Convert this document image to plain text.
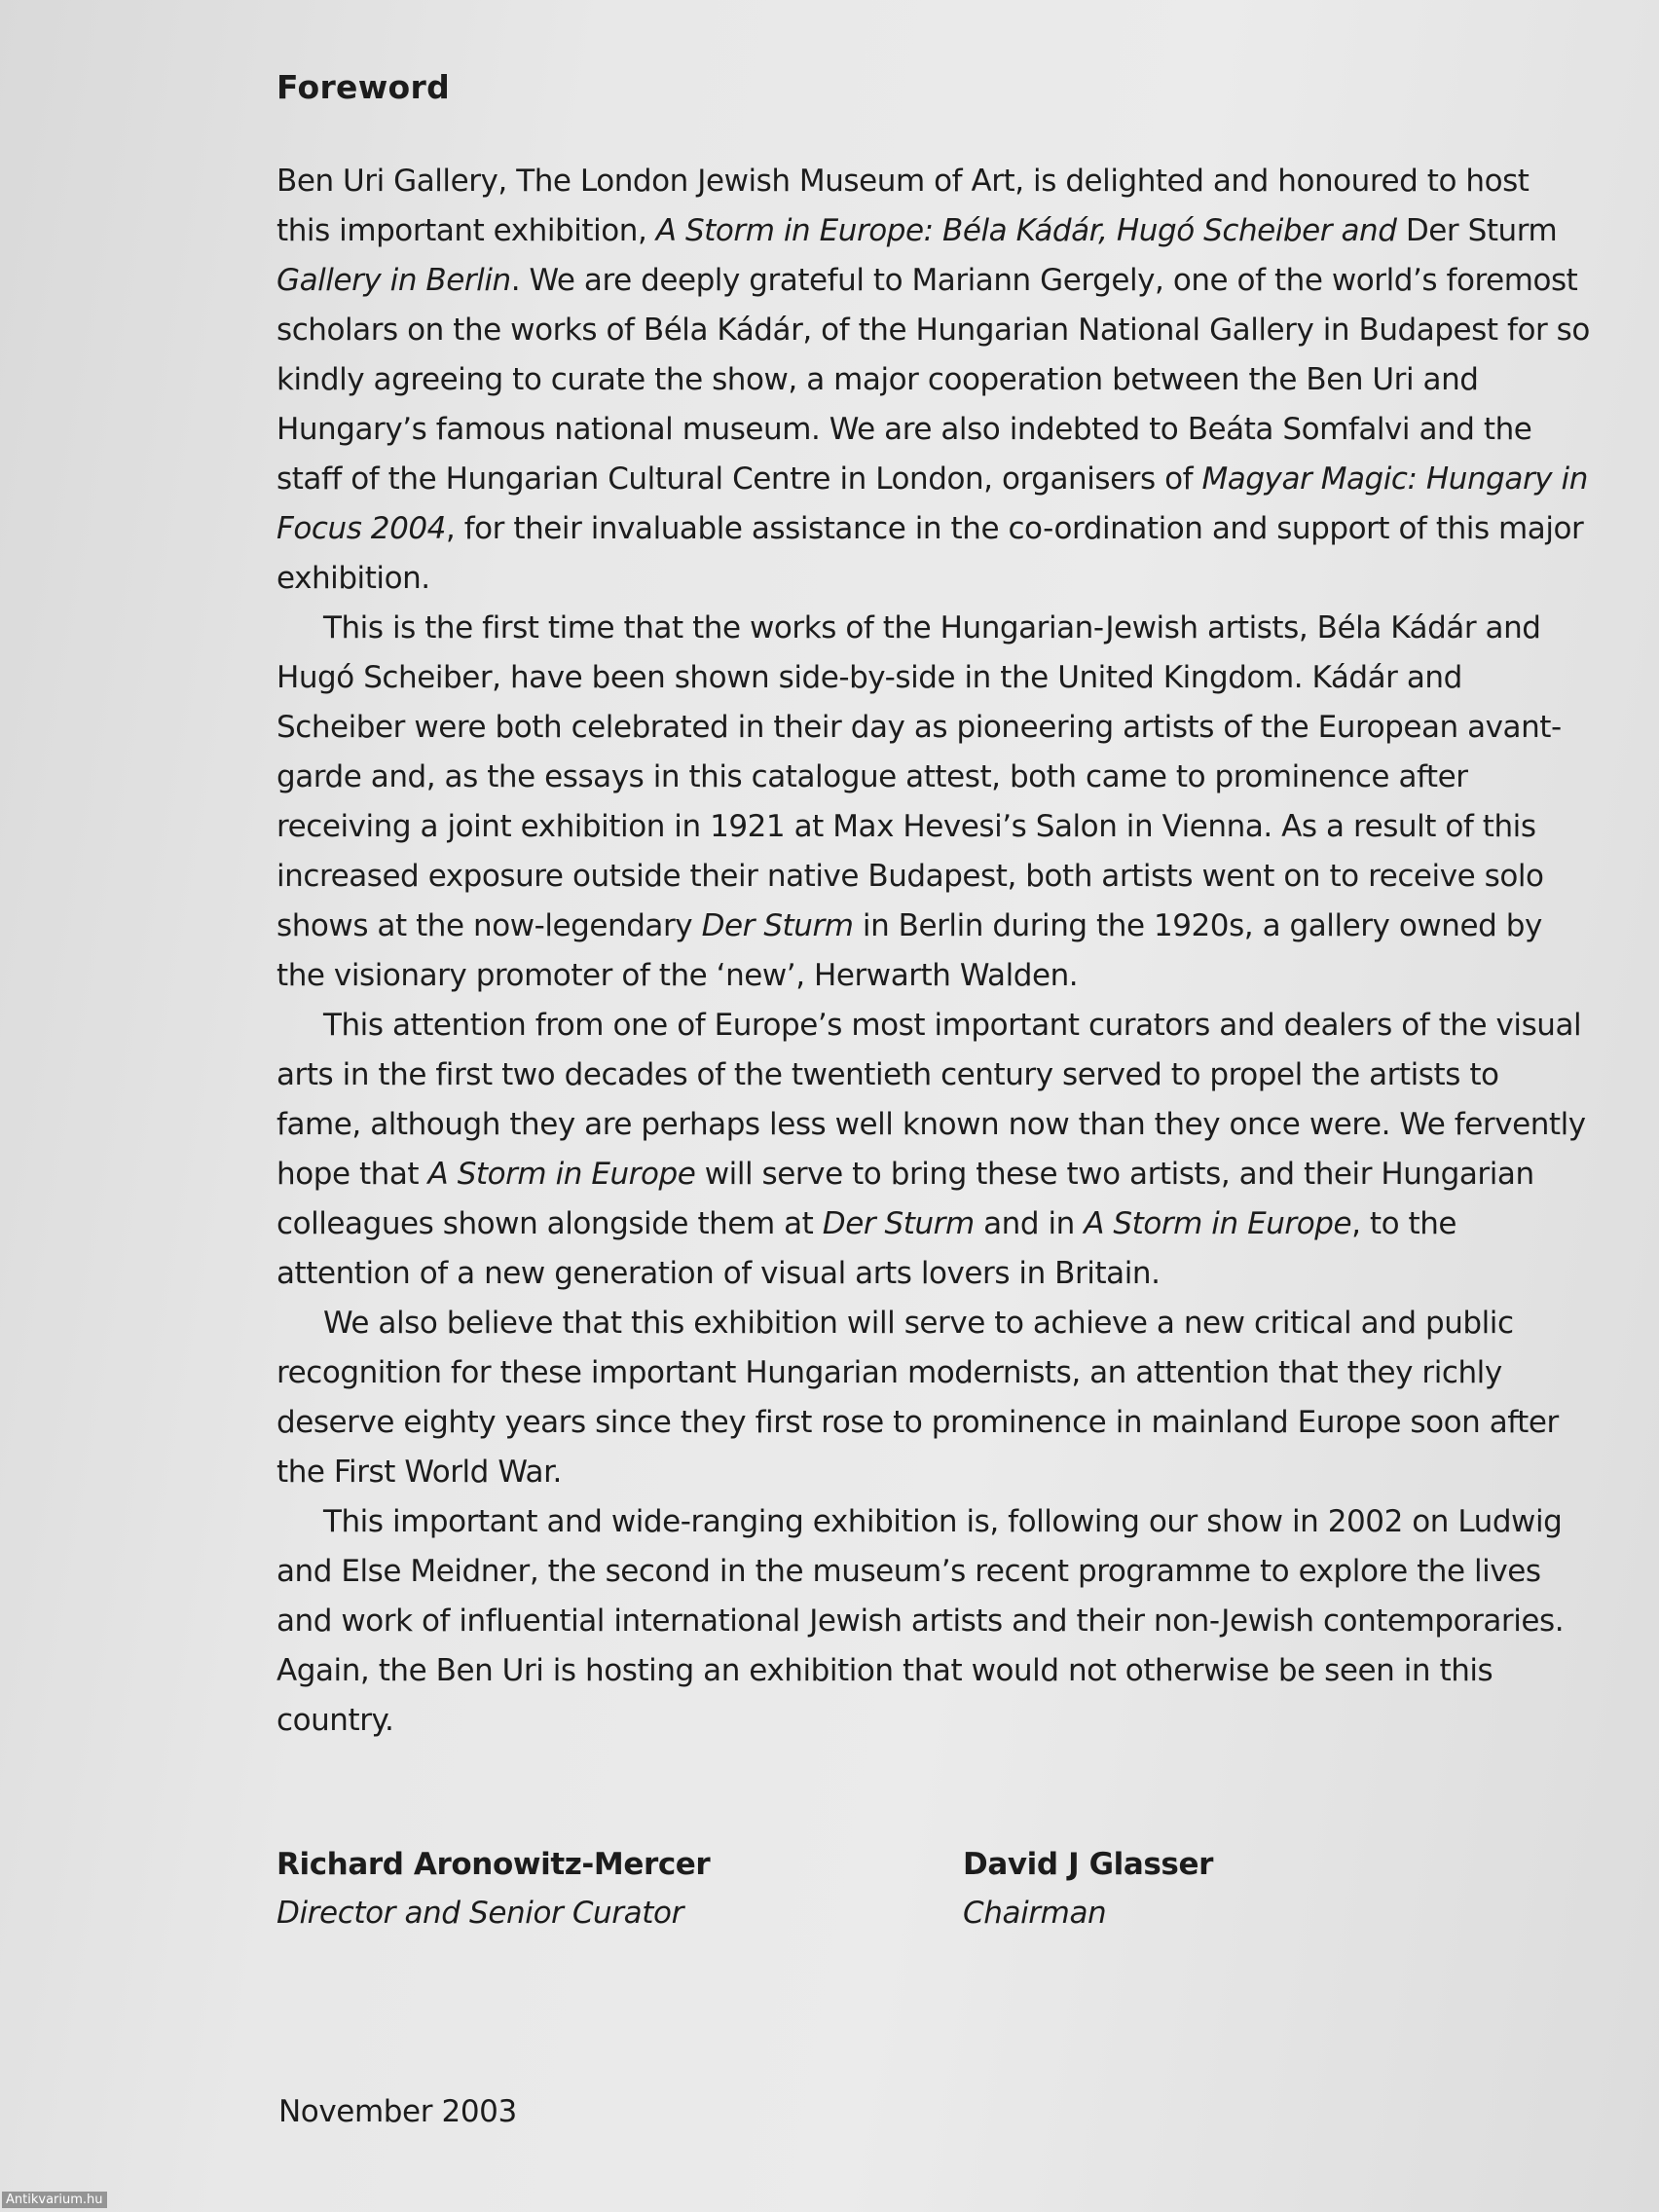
Foreword

Ben Uri Gallery, The London Jewish Museum of Art, is delighted and honoured to host this important exhibition, A Storm in Europe: Béla Kádár, Hugó Scheiber and Der Sturm Gallery in Berlin. We are deeply grateful to Mariann Gergely, one of the world’s foremost scholars on the works of Béla Kádár, of the Hungarian National Gallery in Budapest for so kindly agreeing to curate the show, a major cooperation between the Ben Uri and Hungary’s famous national museum. We are also indebted to Beáta Somfalvi and the staff of the Hungarian Cultural Centre in London, organisers of Magyar Magic: Hungary in Focus 2004, for their invaluable assistance in the co-ordination and support of this major exhibition.

This is the first time that the works of the Hungarian-Jewish artists, Béla Kádár and Hugó Scheiber, have been shown side-by-side in the United Kingdom. Kádár and Scheiber were both celebrated in their day as pioneering artists of the European avant-garde and, as the essays in this catalogue attest, both came to prominence after receiving a joint exhibition in 1921 at Max Hevesi’s Salon in Vienna. As a result of this increased exposure outside their native Budapest, both artists went on to receive solo shows at the now-legendary Der Sturm in Berlin during the 1920s, a gallery owned by the visionary promoter of the ‘new’, Herwarth Walden.

This attention from one of Europe’s most important curators and dealers of the visual arts in the first two decades of the twentieth century served to propel the artists to fame, although they are perhaps less well known now than they once were. We fervently hope that A Storm in Europe will serve to bring these two artists, and their Hungarian colleagues shown alongside them at Der Sturm and in A Storm in Europe, to the attention of a new generation of visual arts lovers in Britain.

We also believe that this exhibition will serve to achieve a new critical and public recognition for these important Hungarian modernists, an attention that they richly deserve eighty years since they first rose to prominence in mainland Europe soon after the First World War.

This important and wide-ranging exhibition is, following our show in 2002 on Ludwig and Else Meidner, the second in the museum’s recent programme to explore the lives and work of influential international Jewish artists and their non-Jewish contemporaries. Again, the Ben Uri is hosting an exhibition that would not otherwise be seen in this country.

Richard Aronowitz-Mercer
Director and Senior Curator
David J Glasser
Chairman
November 2003
Antikvarium.hu
